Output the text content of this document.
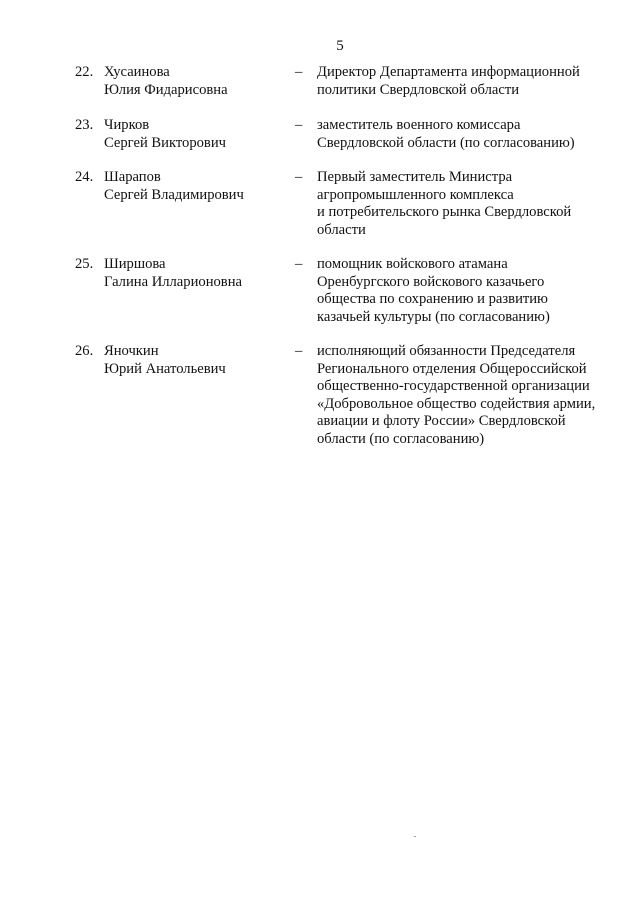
5
22. Хусаинова
Юлия Фидарисовна
– Директор Департамента информационной
политики Свердловской области
23. Чирков
Сергей Викторович
– заместитель военного комиссара
Свердловской области (по согласованию)
24. Шарапов
Сергей Владимирович
– Первый заместитель Министра
агропромышленного комплекса
и потребительского рынка Свердловской
области
25. Ширшова
Галина Илларионовна
– помощник войскового атамана
Оренбургского войскового казачьего
общества по сохранению и развитию
казачьей культуры (по согласованию)
26. Яночкин
Юрий Анатольевич
– исполняющий обязанности Председателя
Регионального отделения Общероссийской
общественно-государственной организации
«Добровольное общество содействия армии,
авиации и флоту России» Свердловской
области (по согласованию)
